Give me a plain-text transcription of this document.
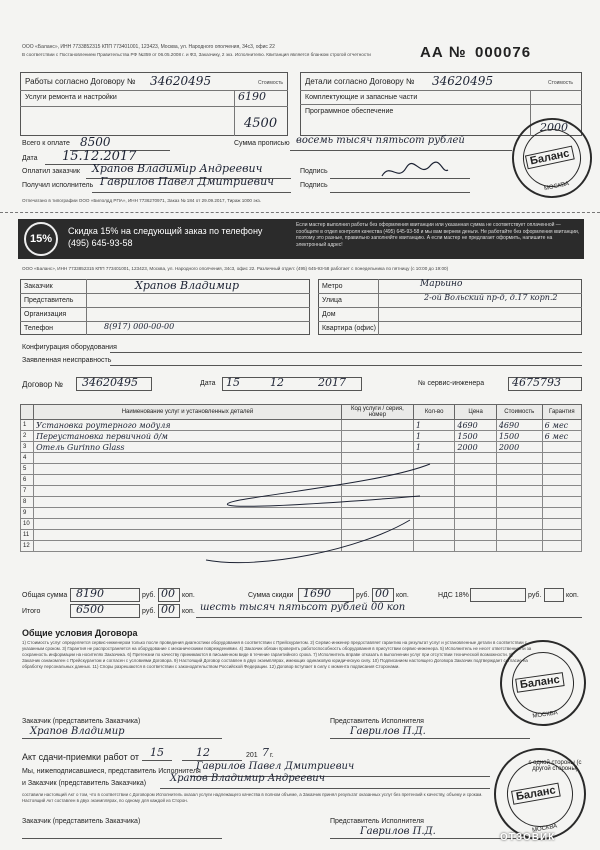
ООО «Баланс», ИНН 7733852315 КПП 773401001, 123423, Москва, ул. Народного ополчения, 34с3, офис 22
В соответствии с Постановлением Правительства РФ №359 от 06.05.2008 г. и ФЗ, Заказчику, 2 экз. Исполнителю. Квитанция является бланком строгой отчетности	АА № 000076
Работы согласно Договору № 34620495	Стоимость
Услуги ремонта и настройки	6190
4500
Детали согласно Договору № 34620495	Стоимость
Комплектующие и запасные части
Программное обеспечение
2000
Всего к оплате 8500	Сумма прописью восемь тысяч пятьсот рублей
Дата 15.12.2017
Оплатил заказчик Храпов Владимир Андреевич	Подпись
Получил исполнитель Гаврилов Павел Дмитриевич	Подпись
Отпечатано в типографии ООО «Билолдд РПА», ИНН 7736270971, Заказ № 184 от 29.09.2017, Тираж 1000 экз.
Баланс
МОСКВА
15%
Скидка 15% на следующий заказ по телефону (495) 645-93-58
Если мастер выполнил работы без оформления квитанции или указанная сумма не соответствует оплаченной — сообщите в отдел контроля качества (495) 645-93-58 и мы вам вернем деньги. Не работайте без оформления квитанции, поэтому это разные, правильно заполняйте квитанцию. А если мастер не предлагает оформить, напишите на электронный адрес!
ООО «Баланс», ИНН 7733852315 КПП 773401001, 123423, Москва, ул. Народного ополчения, 34с3, офис 22. Различный отдел: (495) 645-93-58 работает с понедельника по пятницу (с 10:00 до 19:00)
Заказчик	Храпов Владимир
Представитель
Организация
Телефон	8(917) 000-00-00
Метро	Марьино
Улица	2-ой Вольский пр-д, д.17 корп.2
Дом
Квартира (офис)
Конфигурация оборудования
Заявленная неисправность
Договор № 34620495	Дата 15	12	2017	№ сервис-инженера	4675793
	Наименование услуг и установленных деталей	Код услуги / серия, номер	Кол-во	Цена	Стоимость	Гарантия
1	Установка роутерного модуля		1	4690	4690	6 мес
2	Переустановка первичной д/м		1	1500	1500	6 мес
3	Отель Gurinno Glass		1	2000	2000	
4						
5						
6						
7						
8						
9						
10						
11						
12						
Общая сумма 8190	руб. 00 коп.	Сумма скидки 1690	руб. 00 коп.	НДС 18%	руб.	коп.
Итого	6500	руб. 00 коп. шесть тысяч пятьсот рублей 00 коп
Общие условия Договора
1) Стоимость услуг определяется сервис-инженером только после проведения диагностики оборудования в соответствии с Прейскурантом. 2) Сервис-инженер предоставляет гарантию на результат услуг и установленные детали в соответствии с указанным сроком. 3) Гарантия не распространяется на оборудование с механическими повреждениями. 4) Заказчик обязан проверить работоспособность оборудования в присутствии сервис-инженера. 5) Исполнитель не несет ответственности за сохранность информации на носителях Заказчика. 6) Претензии по качеству принимаются в письменном виде в течение гарантийного срока. 7) Исполнитель вправе отказать в выполнении услуг при отсутствии технической возможности. 8) Заказчик ознакомлен с Прейскурантом и согласен с условиями Договора. 9) Настоящий Договор составлен в двух экземплярах, имеющих одинаковую юридическую силу. 10) Подписанием настоящего Договора Заказчик подтверждает согласие на обработку персональных данных. 11) Споры разрешаются в соответствии с законодательством Российской Федерации. 12) Договор вступает в силу с момента подписания Сторонами.
Баланс
МОСКВА
Заказчик (представитель Заказчика)
Храпов Владимир
Представитель Исполнителя
Гаврилов П.Д.
Акт сдачи-приемки работ от 15	12	201 7 г.
Мы, нижеподписавшиеся, представитель Исполнителя
Гаврилов Павел Дмитриевич
и Заказчик (представитель Заказчика) Храпов Владимир Андреевич
составили настоящий Акт о том, что в соответствии с Договором Исполнитель оказал услуги надлежащего качества в полном объеме, а Заказчик принял результат оказанных услуг без претензий к качеству, объему и срокам. Настоящий Акт составлен в двух экземплярах, по одному для каждой из Сторон.
Заказчик (представитель Заказчика)	Представитель Исполнителя
Гаврилов П.Д.
Баланс
МОСКВА
с одной стороны (с другой стороны)
ОТЗОВИК
